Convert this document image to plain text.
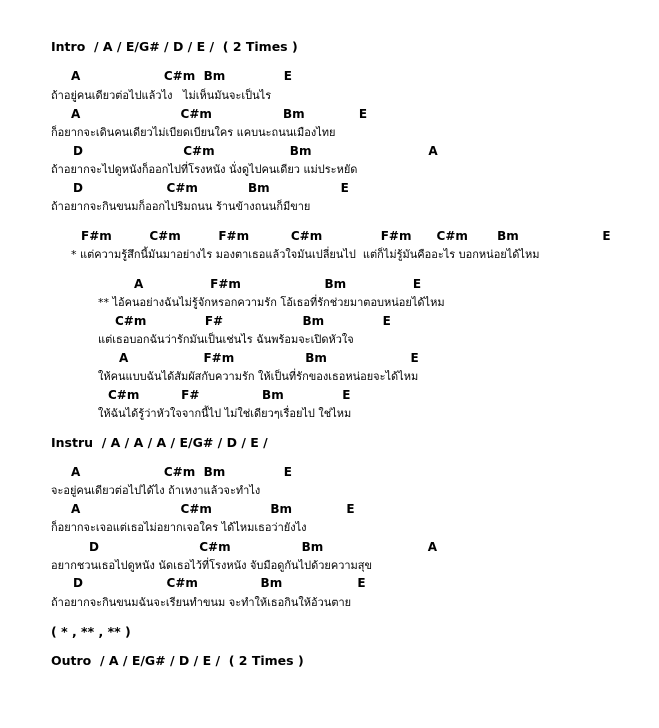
Intro  / A / E/G# / D / E /  ( 2 Times )
A                    C#m  Bm              E
ถ้าอยู่คนเดียวต่อไปแล้วไง   ไม่เห็นมันจะเป็นไร
A                        C#m                 Bm             E
ก็อยากจะเดินคนเดียวไม่เบียดเบียนใคร แคบนะถนนเมืองไทย
D                        C#m                  Bm                            A
ถ้าอยากจะไปดูหนังก็ออกไปที่โรงหนัง นั่งดูไปคนเดียว แม่ประหยัด
D                    C#m            Bm                 E
ถ้าอยากจะกินขนมก็ออกไปริมถนน ร้านข้างถนนก็มีขาย
F#m         C#m         F#m          C#m              F#m      C#m       Bm                    E
* แต่ความรู้สึกนี้มันมาอย่างไร มองตาเธอแล้วใจมันเปลี่ยนไป  แต่ก็ไม่รู้มันคืออะไร บอกหน่อยได้ไหม
A                F#m                    Bm                E
** ไอ้คนอย่างฉันไม่รู้จักหรอกความรัก โอ้เธอที่รักช่วยมาตอบหน่อยได้ไหม
C#m              F#                   Bm              E
แต่เธอบอกฉันว่ารักมันเป็นเช่นไร ฉันพร้อมจะเปิดหัวใจ
A                  F#m                 Bm                    E
ให้คนแบบฉันได้สัมผัสกับความรัก ให้เป็นที่รักของเธอหน่อยจะได้ไหม
C#m          F#               Bm              E
ให้ฉันได้รู้ว่าหัวใจจากนี้ไป ไม่ใช่เดียวๆเรื่อยไป ใช่ไหม
Instru  / A / A / A / E/G# / D / E /
A                    C#m  Bm              E
จะอยู่คนเดียวต่อไปได้ไง ถ้าเหงาแล้วจะทำไง
A                        C#m              Bm             E
ก็อยากจะเจอแต่เธอไม่อยากเจอใคร ได้ไหมเธอว่ายังไง
D                        C#m                 Bm                         A
อยากชวนเธอไปดูหนัง นัดเธอไว้ที่โรงหนัง จับมือดูกันไปด้วยความสุข
D                    C#m               Bm                  E
ถ้าอยากจะกินขนมฉันจะเรียนทำขนม จะทำให้เธอกินให้อ้วนตาย
( * , ** , ** )
Outro  / A / E/G# / D / E /  ( 2 Times )
